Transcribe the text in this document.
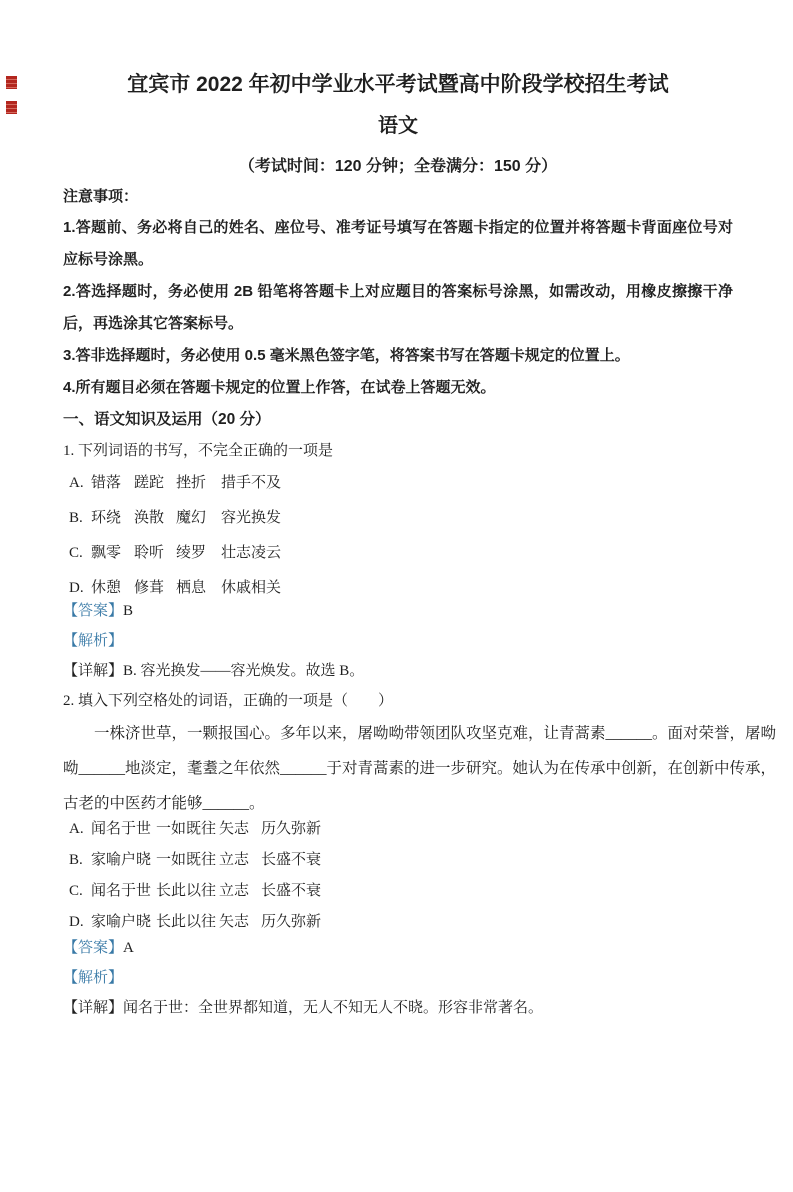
宜宾市 2022 年初中学业水平考试暨高中阶段学校招生考试
语文
（考试时间：120 分钟；全卷满分：150 分）
注意事项：

1.答题前、务必将自己的姓名、座位号、准考证号填写在答题卡指定的位置并将答题卡背面座位号对应标号涂黑。

2.答选择题时，务必使用 2B 铅笔将答题卡上对应题目的答案标号涂黑，如需改动，用橡皮擦擦干净后，再选涂其它答案标号。

3.答非选择题时，务必使用 0.5 毫米黑色签字笔，将答案书写在答题卡规定的位置上。

4.所有题目必须在答题卡规定的位置上作答，在试卷上答题无效。

一、语文知识及运用（20 分）

1. 下列词语的书写，不完全正确的一项是

A. 错落 蹉跎 挫折 措手不及
B. 环绕 涣散 魔幻 容光换发
C. 飘零 聆听 绫罗 壮志凌云
D. 休憩 修葺 栖息 休戚相关

【答案】B

【解析】

【详解】B. 容光换发——容光焕发。故选 B。

2. 填入下列空格处的词语，正确的一项是（　　）

一株济世草，一颗报国心。多年以来，屠呦呦带领团队攻坚克难，让青蒿素______。面对荣誉，屠呦
呦______地淡定，耄耋之年依然______于对青蒿素的进一步研究。她认为在传承中创新，在创新中传承，
古老的中医药才能够______。
A. 闻名于世 一如既往 矢志 历久弥新
B. 家喻户晓 一如既往 立志 长盛不衰
C. 闻名于世 长此以往 立志 长盛不衰
D. 家喻户晓 长此以往 矢志 历久弥新

【答案】A

【解析】

【详解】闻名于世：全世界都知道，无人不知无人不晓。形容非常著名。
